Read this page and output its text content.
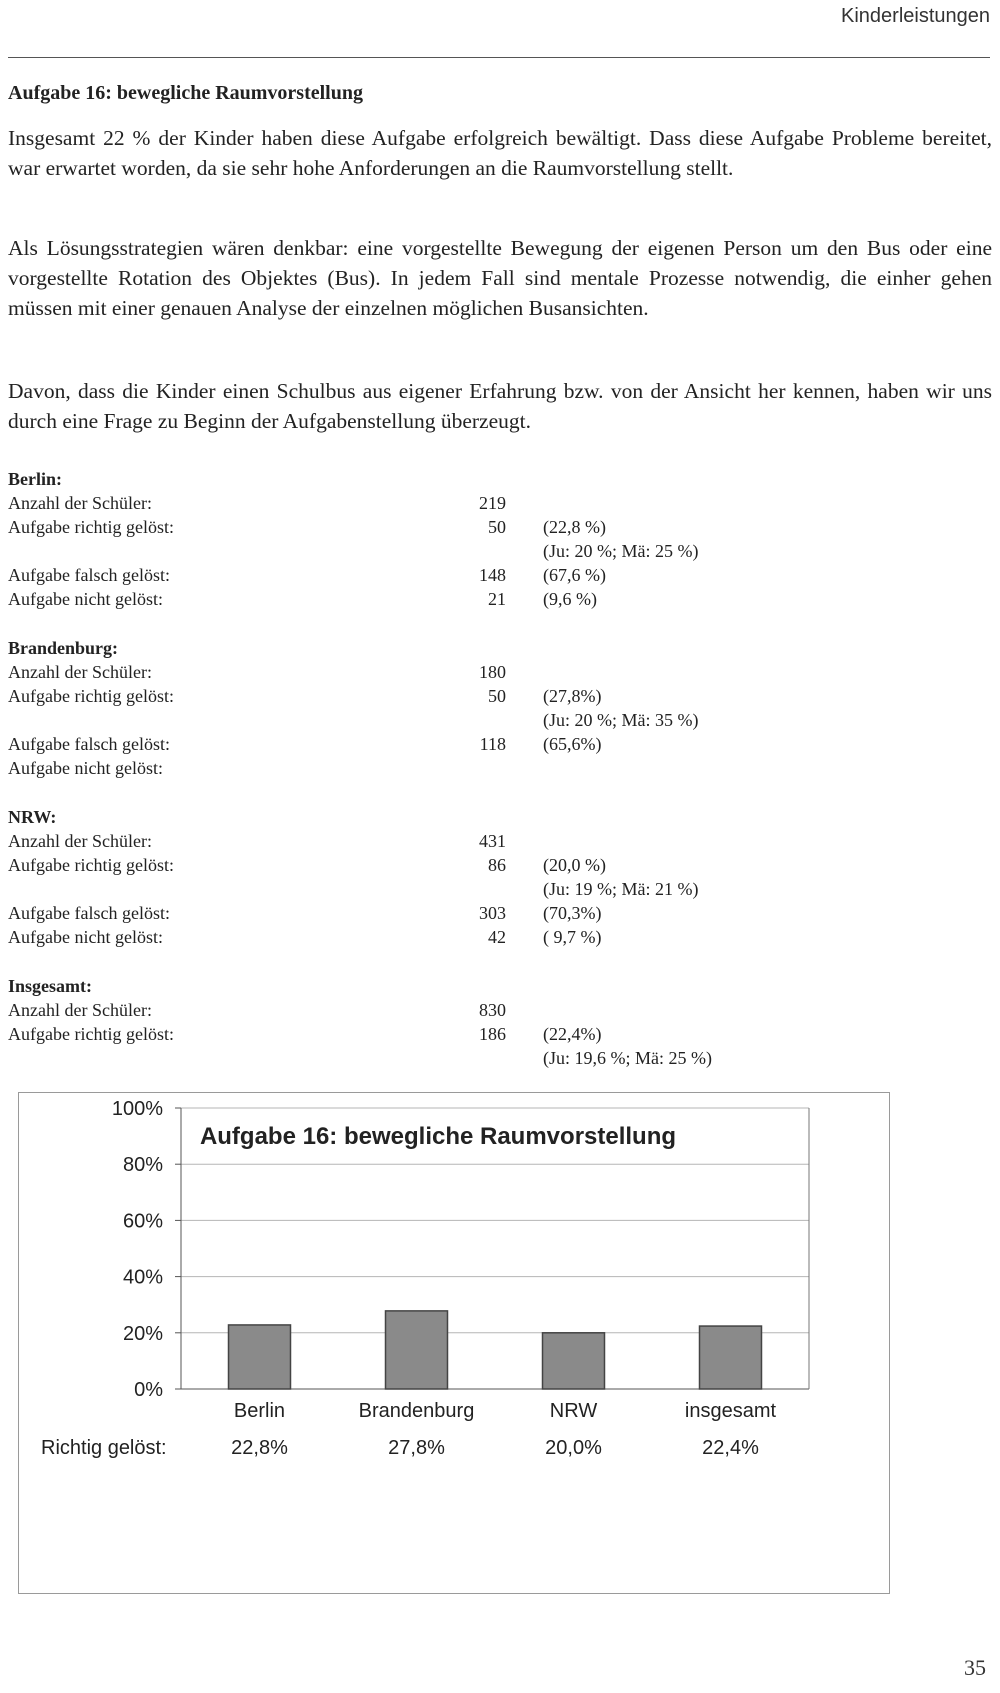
Kinderleistungen
Aufgabe 16: bewegliche Raumvorstellung

Insgesamt 22 % der Kinder haben diese Aufgabe erfolgreich bewältigt. Dass diese Aufgabe Probleme bereitet, war erwartet worden, da sie sehr hohe Anforderungen an die Raumvorstellung stellt.

Als Lösungsstrategien wären denkbar: eine vorgestellte Bewegung der eigenen Person um den Bus oder eine vorgestellte Rotation des Objektes (Bus). In jedem Fall sind mentale Prozesse notwendig, die einher gehen müssen mit einer genauen Analyse der einzelnen möglichen Busansichten.

Davon, dass die Kinder einen Schulbus aus eigener Erfahrung bzw. von der Ansicht her kennen, haben wir uns durch eine Frage zu Beginn der Aufgabenstellung überzeugt.

Berlin:
Anzahl der Schüler:	219
Aufgabe richtig gelöst:	50 (22,8 %)
(Ju: 20 %; Mä: 25 %)
Aufgabe falsch gelöst:	148 (67,6 %)
Aufgabe nicht gelöst:	21 (9,6 %)
Brandenburg:
Anzahl der Schüler:	180
Aufgabe richtig gelöst:	50 (27,8%)
(Ju: 20 %; Mä: 35 %)
Aufgabe falsch gelöst:	118 (65,6%)
Aufgabe nicht gelöst:
NRW:
Anzahl der Schüler:	431
Aufgabe richtig gelöst:	86 (20,0 %)
(Ju: 19 %; Mä: 21 %)
Aufgabe falsch gelöst:	303 (70,3%)
Aufgabe nicht gelöst:	42 ( 9,7 %)
Insgesamt:
Anzahl der Schüler:	830
Aufgabe richtig gelöst:	186 (22,4%)
(Ju: 19,6 %; Mä: 25 %)
Aufgabe 16: bewegliche Raumvorstellung
0%
20%
40%
60%
80%
100%
Berlin
22,8%
Brandenburg
27,8%
NRW
20,0%
insgesamt
22,4%
Richtig gelöst:
35
